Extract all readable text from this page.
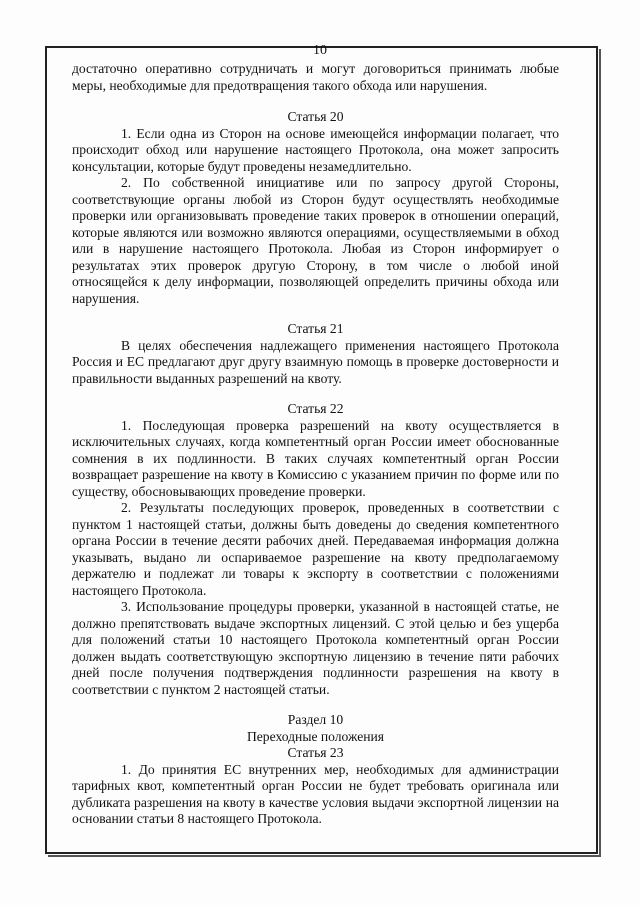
10

достаточно оперативно сотрудничать и могут договориться принимать любые меры, необходимые для предотвращения такого обхода или нарушения.

Статья 20

1. Если одна из Сторон на основе имеющейся информации полагает, что происходит обход или нарушение настоящего Протокола, она может запросить консультации, которые будут проведены незамедлительно.

2. По собственной инициативе или по запросу другой Стороны, соответствующие органы любой из Сторон будут осуществлять необходимые проверки или организовывать проведение таких проверок в отношении операций, которые являются или возможно являются операциями, осуществляемыми в обход или в нарушение настоящего Протокола. Любая из Сторон информирует о результатах этих проверок другую Сторону, в том числе о любой иной относящейся к делу информации, позволяющей определить причины обхода или нарушения.

Статья 21

В целях обеспечения надлежащего применения настоящего Протокола Россия и ЕС предлагают друг другу взаимную помощь в проверке достоверности и правильности выданных разрешений на квоту.

Статья 22

1. Последующая проверка разрешений на квоту осуществляется в исключительных случаях, когда компетентный орган России имеет обоснованные сомнения в их подлинности. В таких случаях компетентный орган России возвращает разрешение на квоту в Комиссию с указанием причин по форме или по существу, обосновывающих проведение проверки.

2. Результаты последующих проверок, проведенных в соответствии с пунктом 1 настоящей статьи, должны быть доведены до сведения компетентного органа России в течение десяти рабочих дней. Передаваемая информация должна указывать, выдано ли оспариваемое разрешение на квоту предполагаемому держателю и подлежат ли товары к экспорту в соответствии с положениями настоящего Протокола.

3. Использование процедуры проверки, указанной в настоящей статье, не должно препятствовать выдаче экспортных лицензий. С этой целью и без ущерба для положений статьи 10 настоящего Протокола компетентный орган России должен выдать соответствующую экспортную лицензию в течение пяти рабочих дней после получения подтверждения подлинности разрешения на квоту в соответствии с пунктом 2 настоящей статьи.

Раздел 10

Переходные положения

Статья 23

1. До принятия ЕС внутренних мер, необходимых для администрации тарифных квот, компетентный орган России не будет требовать оригинала или дубликата разрешения на квоту в качестве условия выдачи экспортной лицензии на основании статьи 8 настоящего Протокола.
